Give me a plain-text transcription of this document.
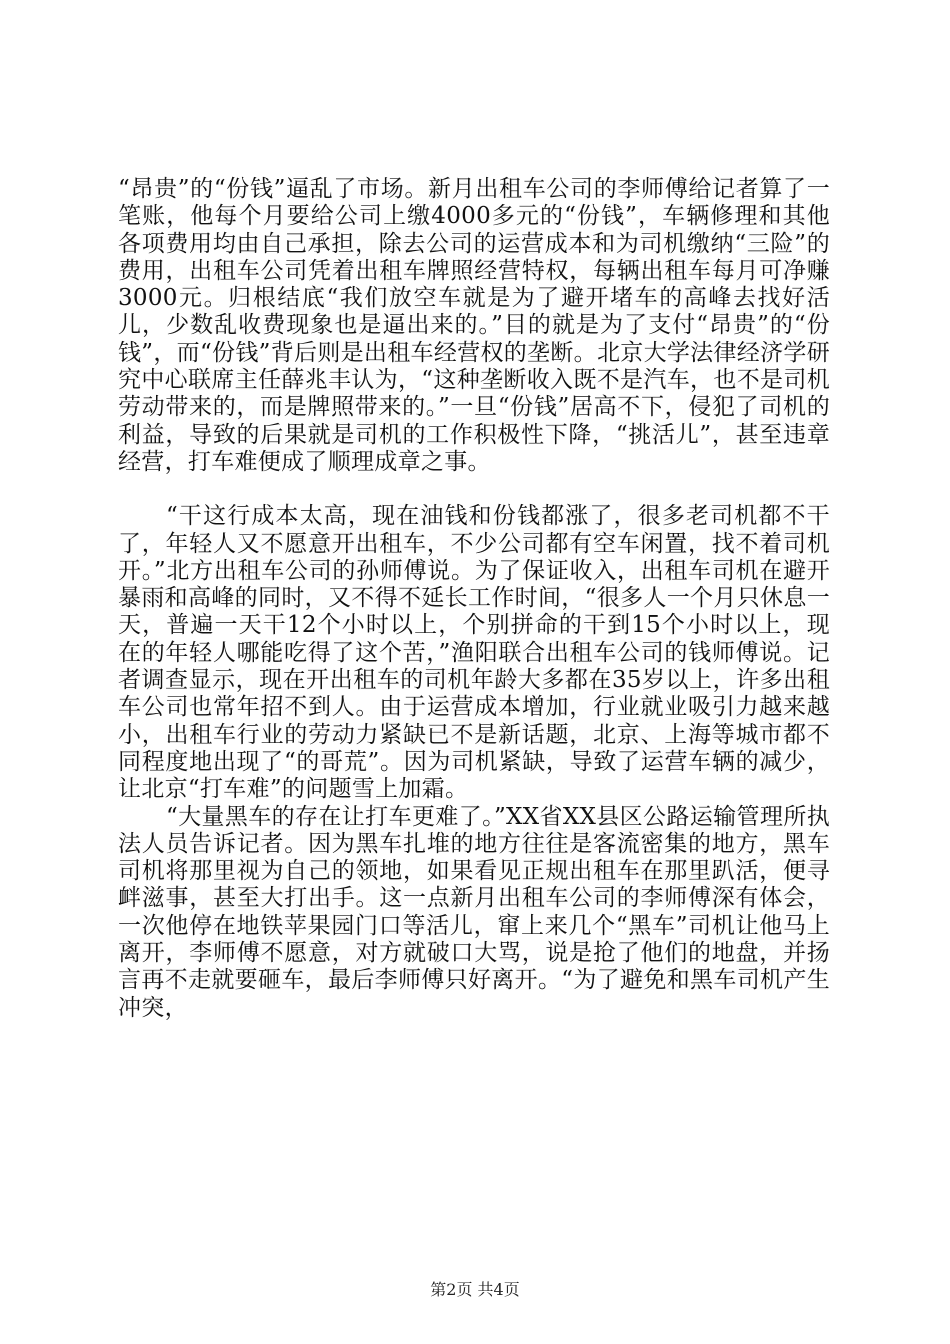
“昂贵”的“份钱”逼乱了市场。新月出租车公司的李师傅给记者算了一笔账，他每个月要给公司上缴4000多元的“份钱”，车辆修理和其他各项费用均由自己承担，除去公司的运营成本和为司机缴纳“三险”的费用，出租车公司凭着出租车牌照经营特权，每辆出租车每月可净赚3000元。归根结底“我们放空车就是为了避开堵车的高峰去找好活儿，少数乱收费现象也是逼出来的。”目的就是为了支付“昂贵”的“份钱”，而“份钱”背后则是出租车经营权的垄断。北京大学法律经济学研究中心联席主任薛兆丰认为，“这种垄断收入既不是汽车，也不是司机劳动带来的，而是牌照带来的。”一旦“份钱”居高不下，侵犯了司机的利益，导致的后果就是司机的工作积极性下降，“挑活儿”，甚至违章经营，打车难便成了顺理成章之事。

“干这行成本太高，现在油钱和份钱都涨了，很多老司机都不干了，年轻人又不愿意开出租车，不少公司都有空车闲置，找不着司机开。”北方出租车公司的孙师傅说。为了保证收入，出租车司机在避开暴雨和高峰的同时，又不得不延长工作时间，“很多人一个月只休息一天，普遍一天干12个小时以上，个别拼命的干到15个小时以上，现在的年轻人哪能吃得了这个苦，”渔阳联合出租车公司的钱师傅说。记者调查显示，现在开出租车的司机年龄大多都在35岁以上，许多出租车公司也常年招不到人。由于运营成本增加，行业就业吸引力越来越小，出租车行业的劳动力紧缺已不是新话题，北京、上海等城市都不同程度地出现了“的哥荒”。因为司机紧缺，导致了运营车辆的减少，让北京“打车难”的问题雪上加霜。

“大量黑车的存在让打车更难了。”XX省XX县区公路运输管理所执法人员告诉记者。因为黑车扎堆的地方往往是客流密集的地方，黑车司机将那里视为自己的领地，如果看见正规出租车在那里趴活，便寻衅滋事，甚至大打出手。这一点新月出租车公司的李师傅深有体会，一次他停在地铁苹果园门口等活儿，窜上来几个“黑车”司机让他马上离开，李师傅不愿意，对方就破口大骂，说是抢了他们的地盘，并扬言再不走就要砸车，最后李师傅只好离开。“为了避免和黑车司机产生冲突，

第2页 共4页
